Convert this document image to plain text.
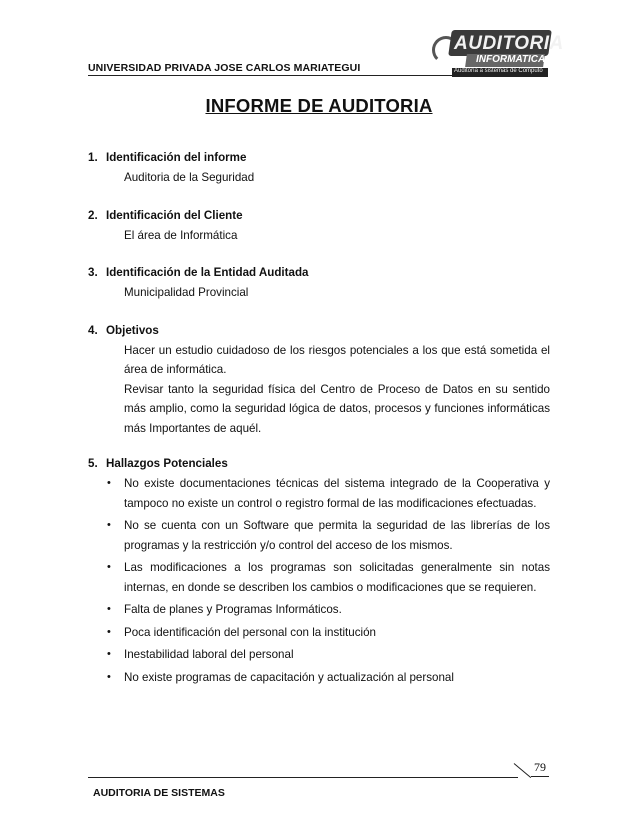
UNIVERSIDAD PRIVADA JOSE CARLOS MARIATEGUI
AUDITORIA
INFORMATICA
Auditoría a sistemas de Computo
INFORME DE AUDITORIA
1. Identificación del informe
Auditoria de la Seguridad
2. Identificación del Cliente
El área de Informática
3. Identificación de la Entidad Auditada
Municipalidad Provincial
4. Objetivos
Hacer un estudio cuidadoso de los riesgos potenciales a los que está sometida el área de informática.
Revisar tanto la seguridad física del Centro de Proceso de Datos en su sentido más amplio, como la seguridad lógica de datos, procesos y funciones informáticas más Importantes de aquél.
5. Hallazgos Potenciales
• No existe documentaciones técnicas del sistema integrado de la Cooperativa y tampoco no existe un control o registro formal de las modificaciones efectuadas.
• No se cuenta con un Software que permita la seguridad de las librerías de los programas y la restricción y/o control del acceso de los mismos.
• Las modificaciones a los programas son solicitadas generalmente sin notas internas, en donde se describen los cambios o modificaciones que se requieren.
• Falta de planes y Programas Informáticos.
• Poca identificación del personal con la institución
• Inestabilidad laboral del personal
• No existe programas de capacitación y actualización al personal
79
AUDITORIA DE SISTEMAS
